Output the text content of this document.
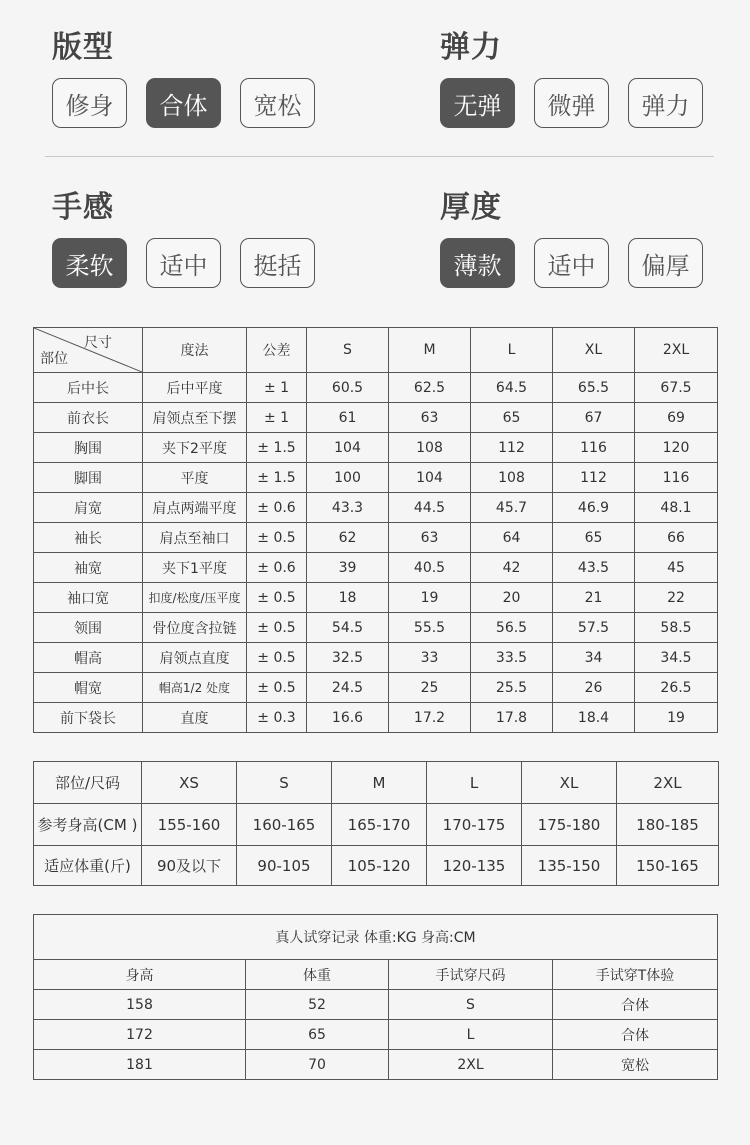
版型
修身	合体	宽松
弹力
无弹	微弹	弹力
手感
柔软	适中	挺括
厚度
薄款	适中	偏厚
尺寸
部位	度法	公差	S	M	L	XL	2XL
后中长	后中平度	± 1	60.5	62.5	64.5	65.5	67.5
前衣长	肩领点至下摆	± 1	61	63	65	67	69
胸围	夹下2平度	± 1.5	104	108	112	116	120
脚围	平度	± 1.5	100	104	108	112	116
肩宽	肩点两端平度	± 0.6	43.3	44.5	45.7	46.9	48.1
袖长	肩点至袖口	± 0.5	62	63	64	65	66
袖宽	夹下1平度	± 0.6	39	40.5	42	43.5	45
袖口宽	扣度/松度/压平度	± 0.5	18	19	20	21	22
领围	骨位度含拉链	± 0.5	54.5	55.5	56.5	57.5	58.5
帽高	肩领点直度	± 0.5	32.5	33	33.5	34	34.5
帽宽	帽高1/2 处度	± 0.5	24.5	25	25.5	26	26.5
前下袋长	直度	± 0.3	16.6	17.2	17.8	18.4	19
部位/尺码	XS	S	M	L	XL	2XL
参考身高(CM )	155-160	160-165	165-170	170-175	175-180	180-185
适应体重(斤)	90及以下	90-105	105-120	120-135	135-150	150-165
真人试穿记录 体重:KG 身高:CM			
身高	体重	手试穿尺码	手试穿T体验
158	52	S	合体
172	65	L	合体
181	70	2XL	宽松
